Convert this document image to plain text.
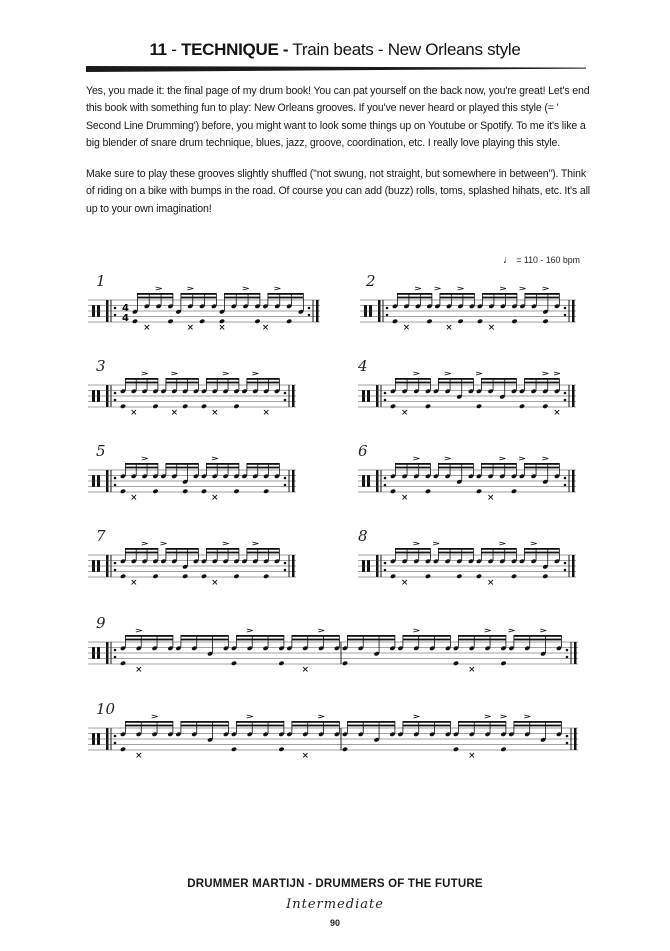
11 - TECHNIQUE - Train beats - New Orleans style

Yes, you made it: the final page of my drum book! You can pat yourself on the back now, you're great! Let's end this book with something fun to play: New Orleans grooves. If you've never heard or played this style (= ' Second Line Drumming') before, you might want to look some things up on Youtube or Spotify. To me it's like a big blender of snare drum technique, blues, jazz, groove, coordination, etc. I really love playing this style.

Make sure to play these grooves slightly shuffled ("not swung, not straight, but somewhere in between"). Think of riding on a bike with bumps in the road. Of course you can add (buzz) rolls, toms, splashed hihats, etc. It's all up to your own imagination!

♩ = 110 - 160 bpm
1
4
4
2
3	4
5	6
7	8
9
10
DRUMMER MARTIJN - DRUMMERS OF THE FUTURE
Intermediate
90
